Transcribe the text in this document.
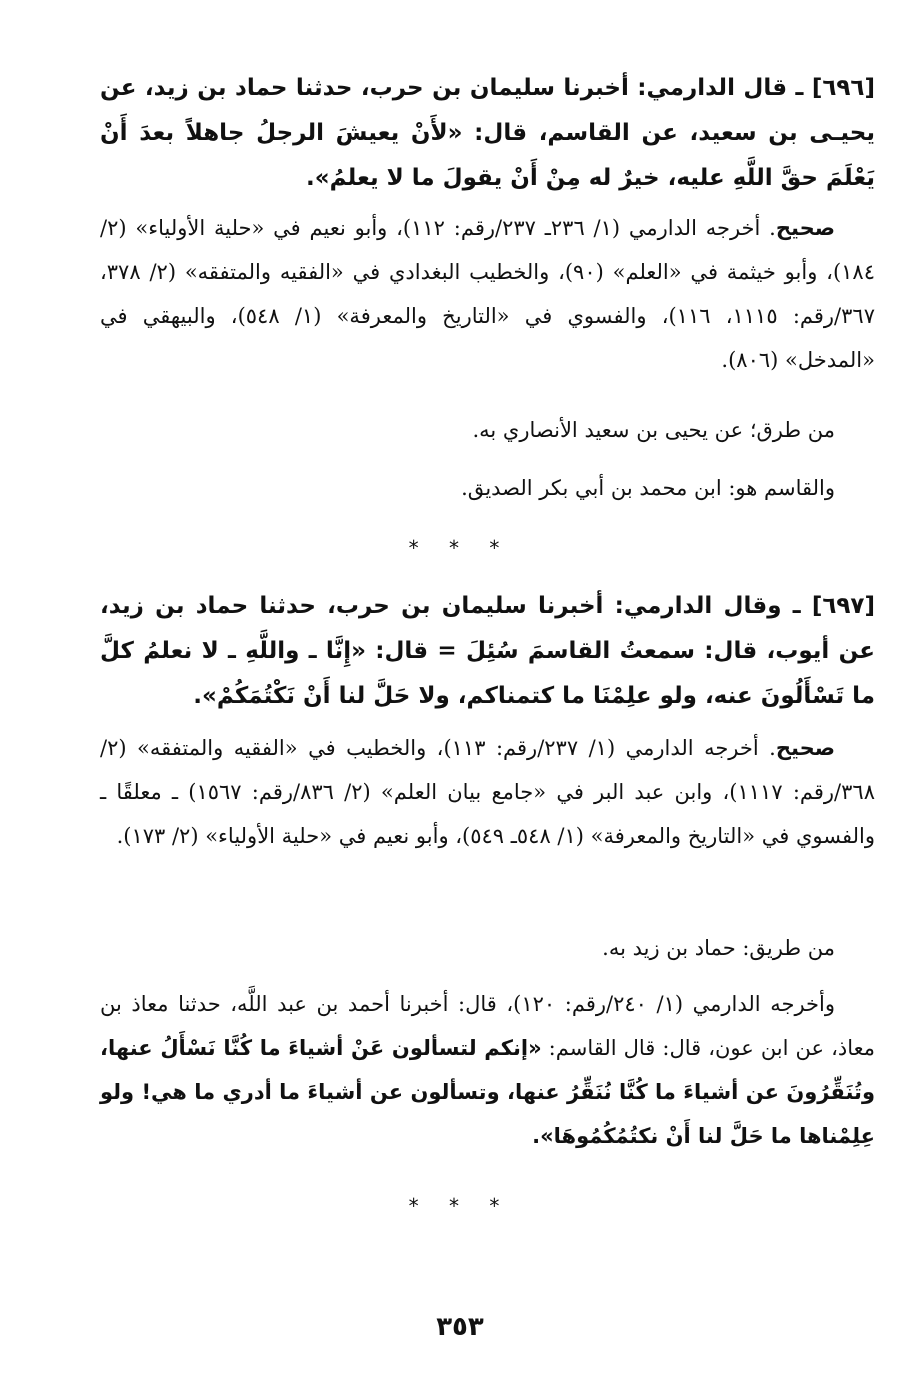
[٦٩٦] ـ قال الدارمي: أخبرنا سليمان بن حرب، حدثنا حماد بن زيد، عن يحيـى بن سعيد، عن القاسم، قال: «لأَنْ يعيشَ الرجلُ جاهلاً بعدَ أَنْ يَعْلَمَ حقَّ اللَّهِ عليه، خيرٌ له مِنْ أَنْ يقولَ ما لا يعلمُ».

صحيح. أخرجه الدارمي (١/ ٢٣٦ـ ٢٣٧/رقم: ١١٢)، وأبو نعيم في «حلية الأولياء» (٢/ ١٨٤)، وأبو خيثمة في «العلم» (٩٠)، والخطيب البغدادي في «الفقيه والمتفقه» (٢/ ٣٧٨، ٣٦٧/رقم: ١١١٥، ١١٦)، والفسوي في «التاريخ والمعرفة» (١/ ٥٤٨)، والبيهقي في «المدخل» (٨٠٦).

من طرق؛ عن يحيى بن سعيد الأنصاري به.

والقاسم هو: ابن محمد بن أبي بكر الصديق.

* * *

[٦٩٧] ـ وقال الدارمي: أخبرنا سليمان بن حرب، حدثنا حماد بن زيد، عن أيوب، قال: سمعتُ القاسمَ سُئِلَ = قال: «إِنَّا ـ واللَّهِ ـ لا نعلمُ كلَّ ما تَسْأَلُونَ عنه، ولو علِمْنَا ما كتمناكم، ولا حَلَّ لنا أَنْ نَكْتُمَكُمْ».

صحيح. أخرجه الدارمي (١/ ٢٣٧/رقم: ١١٣)، والخطيب في «الفقيه والمتفقه» (٢/ ٣٦٨/رقم: ١١١٧)، وابن عبد البر في «جامع بيان العلم» (٢/ ٨٣٦/رقم: ١٥٦٧) ـ معلقًا ـ والفسوي في «التاريخ والمعرفة» (١/ ٥٤٨ـ ٥٤٩)، وأبو نعيم في «حلية الأولياء» (٢/ ١٧٣).

من طريق: حماد بن زيد به.

وأخرجه الدارمي (١/ ٢٤٠/رقم: ١٢٠)، قال: أخبرنا أحمد بن عبد اللَّه، حدثنا معاذ بن معاذ، عن ابن عون، قال: قال القاسم: «إنكم لتسألون عَنْ أشياءَ ما كُنَّا نَسْأَلُ عنها، وتُنَقِّرُونَ عن أشياءَ ما كُنَّا نُنَقِّرُ عنها، وتسألون عن أشياءَ ما أدري ما هي! ولو عِلِمْناها ما حَلَّ لنا أَنْ نكتُمُكُمُوهَا».

* * *
٣٥٣
